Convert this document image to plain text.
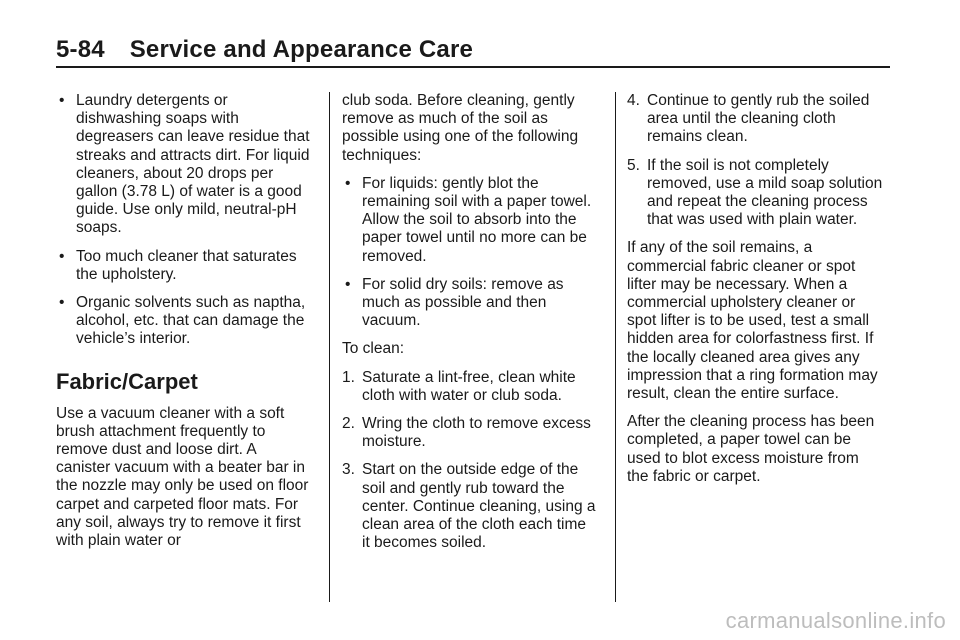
5-84 Service and Appearance Care
• Laundry detergents or dishwashing soaps with degreasers can leave residue that streaks and attracts dirt. For liquid cleaners, about 20 drops per gallon (3.78 L) of water is a good guide. Use only mild, neutral-pH soaps.
• Too much cleaner that saturates the upholstery.
• Organic solvents such as naptha, alcohol, etc. that can damage the vehicle’s interior.
Fabric/Carpet

Use a vacuum cleaner with a soft brush attachment frequently to remove dust and loose dirt. A canister vacuum with a beater bar in the nozzle may only be used on floor carpet and carpeted floor mats. For any soil, always try to remove it first with plain water or

club soda. Before cleaning, gently remove as much of the soil as possible using one of the following techniques:

• For liquids: gently blot the remaining soil with a paper towel. Allow the soil to absorb into the paper towel until no more can be removed.
• For solid dry soils: remove as much as possible and then vacuum.

To clean:

1. Saturate a lint-free, clean white cloth with water or club soda.
2. Wring the cloth to remove excess moisture.
3. Start on the outside edge of the soil and gently rub toward the center. Continue cleaning, using a clean area of the cloth each time it becomes soiled.
4. Continue to gently rub the soiled area until the cleaning cloth remains clean.
5. If the soil is not completely removed, use a mild soap solution and repeat the cleaning process that was used with plain water.

If any of the soil remains, a commercial fabric cleaner or spot lifter may be necessary. When a commercial upholstery cleaner or spot lifter is to be used, test a small hidden area for colorfastness first. If the locally cleaned area gives any impression that a ring formation may result, clean the entire surface.

After the cleaning process has been completed, a paper towel can be used to blot excess moisture from the fabric or carpet.

carmanualsonline.info
